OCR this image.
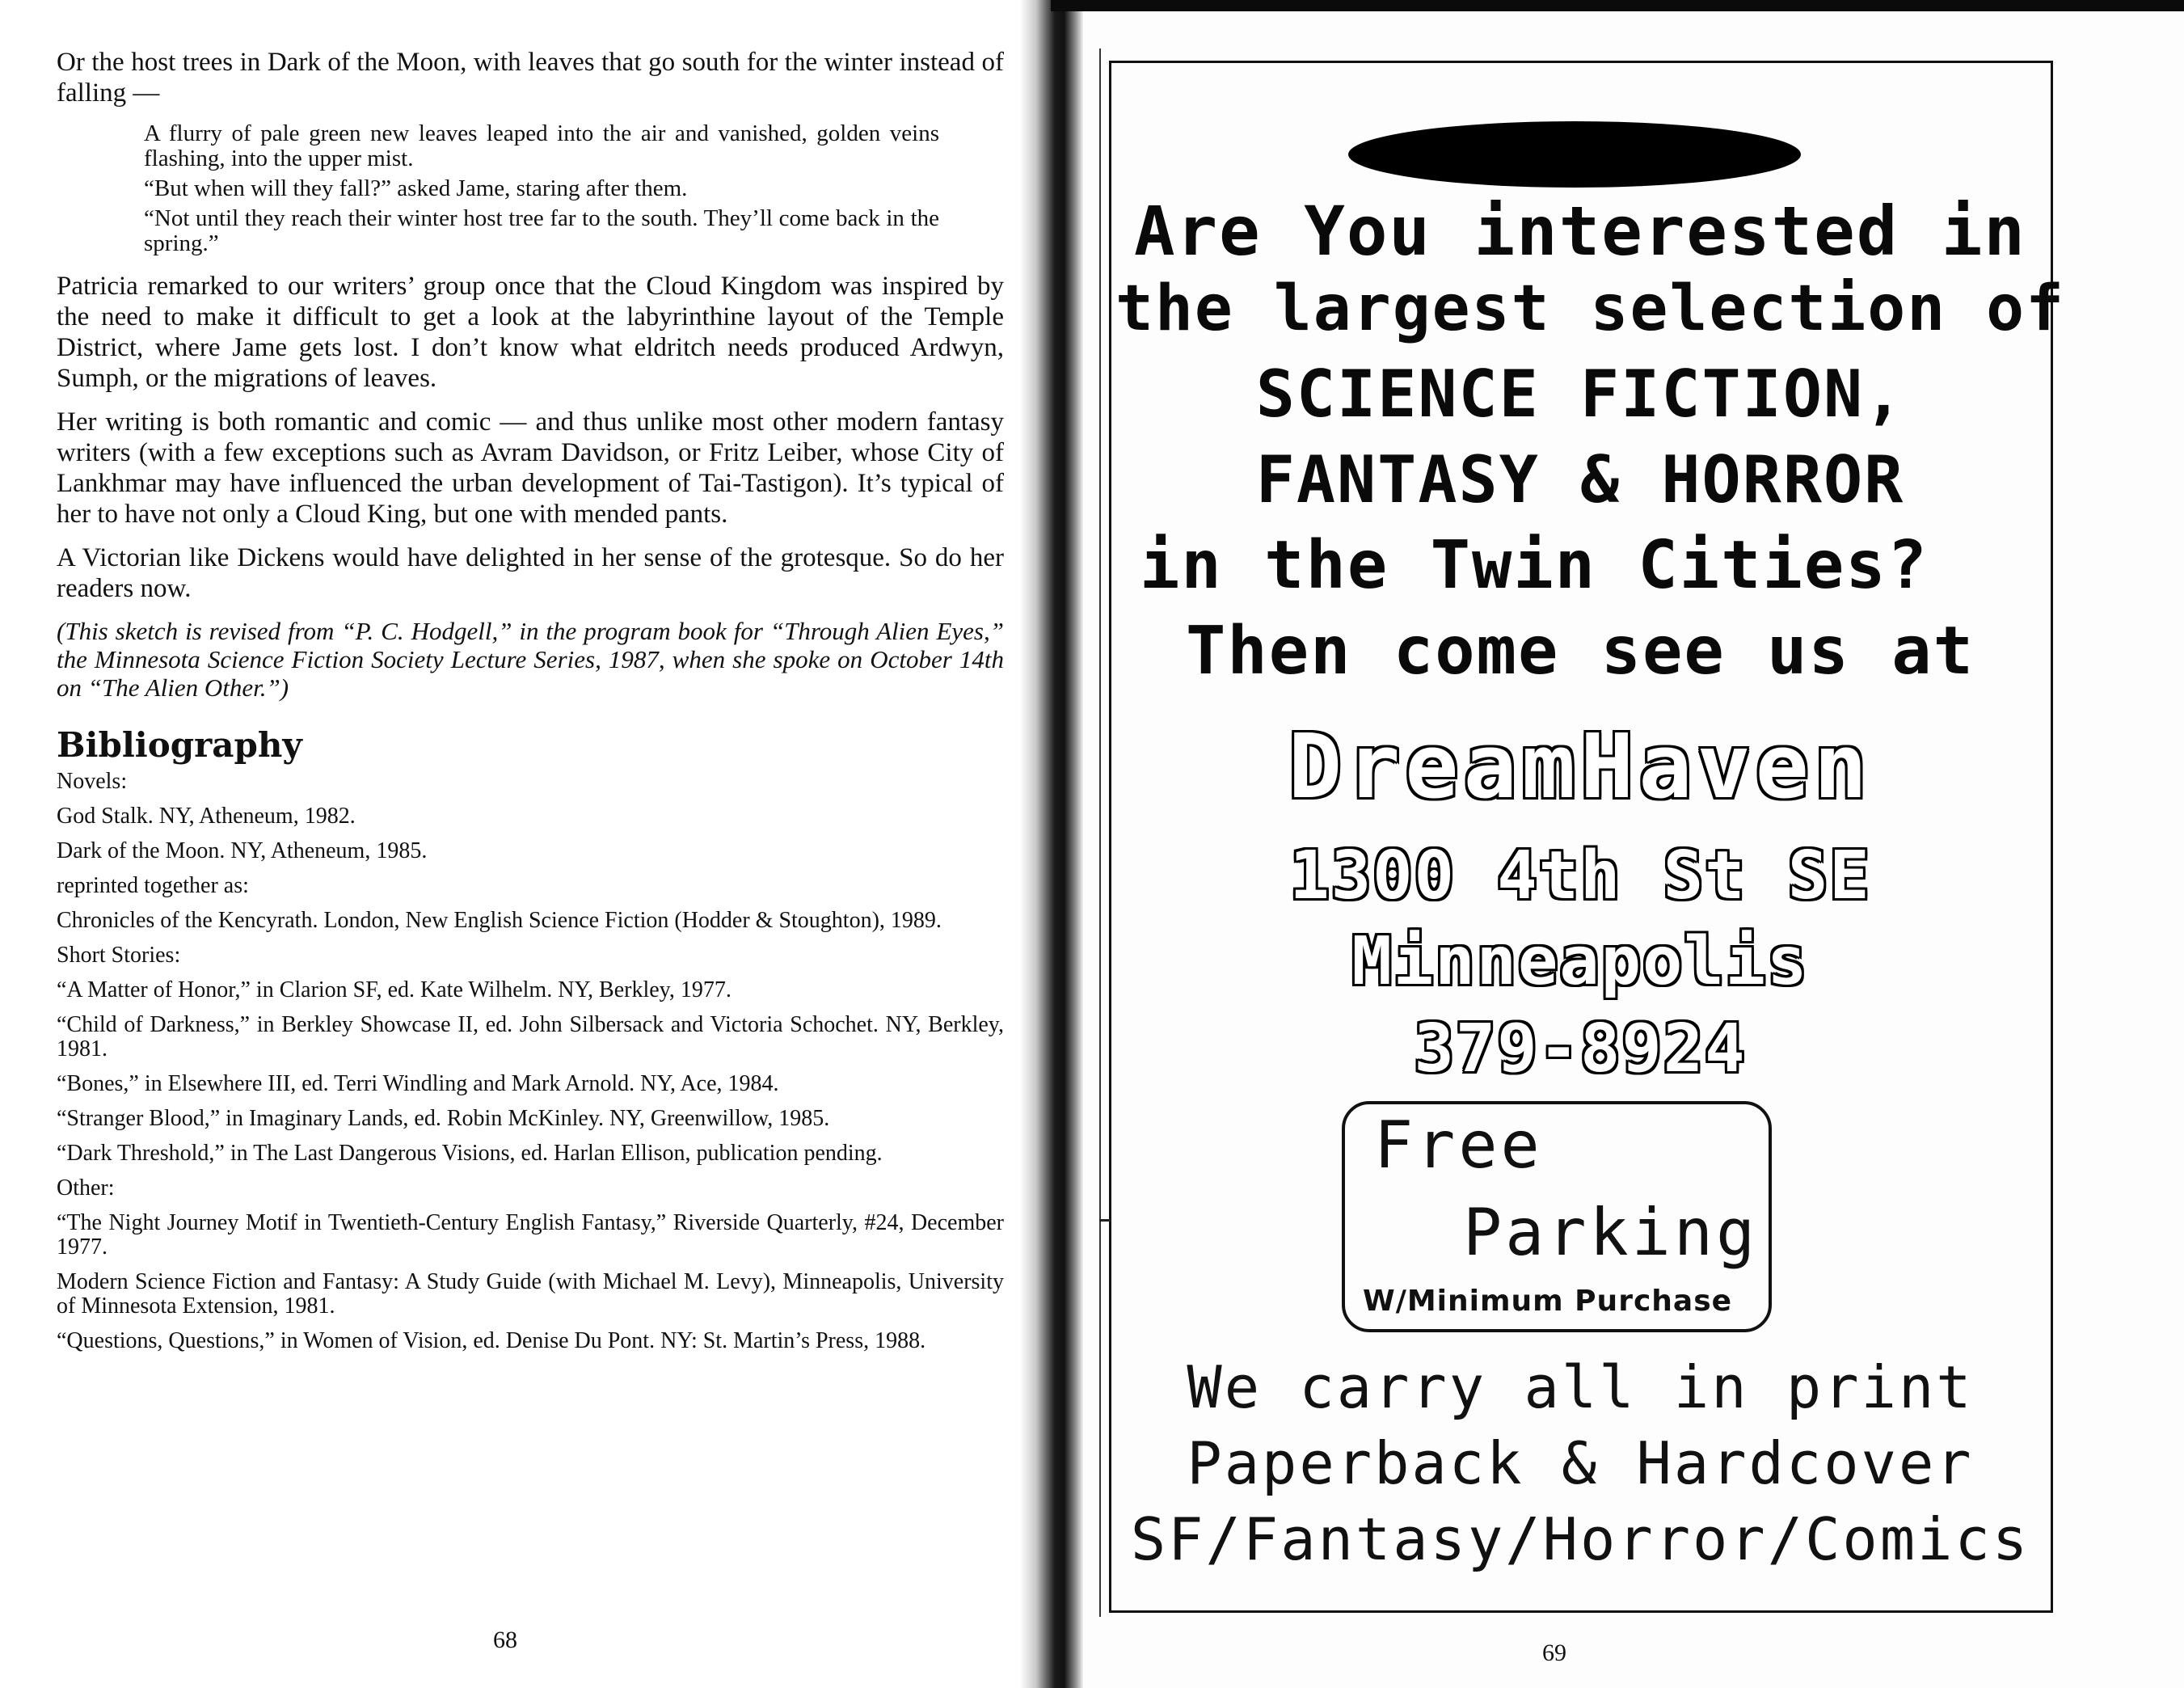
Or the host trees in Dark of the Moon, with leaves that go south for the winter instead of falling —

A flurry of pale green new leaves leaped into the air and vanished, golden veins flashing, into the upper mist.

“But when will they fall?” asked Jame, staring after them.

“Not until they reach their winter host tree far to the south. They’ll come back in the spring.”

Patricia remarked to our writers’ group once that the Cloud Kingdom was inspired by the need to make it difficult to get a look at the labyrinthine layout of the Temple District, where Jame gets lost. I don’t know what eldritch needs produced Ardwyn, Sumph, or the migrations of leaves.

Her writing is both romantic and comic — and thus unlike most other modern fantasy writers (with a few exceptions such as Avram Davidson, or Fritz Leiber, whose City of Lankhmar may have influenced the urban development of Tai-Tastigon). It’s typical of her to have not only a Cloud King, but one with mended pants.

A Victorian like Dickens would have delighted in her sense of the grotesque. So do her readers now.

(This sketch is revised from “P. C. Hodgell,” in the program book for “Through Alien Eyes,” the Minnesota Science Fiction Society Lecture Series, 1987, when she spoke on October 14th on “The Alien Other.”)

Bibliography
Novels:
God Stalk. NY, Atheneum, 1982.
Dark of the Moon. NY, Atheneum, 1985.
reprinted together as:
Chronicles of the Kencyrath. London, New English Science Fiction (Hodder & Stoughton), 1989.
Short Stories:
“A Matter of Honor,” in Clarion SF, ed. Kate Wilhelm. NY, Berkley, 1977.
“Child of Darkness,” in Berkley Showcase II, ed. John Silbersack and Victoria Schochet. NY, Berkley, 1981.
“Bones,” in Elsewhere III, ed. Terri Windling and Mark Arnold. NY, Ace, 1984.
“Stranger Blood,” in Imaginary Lands, ed. Robin McKinley. NY, Greenwillow, 1985.
“Dark Threshold,” in The Last Dangerous Visions, ed. Harlan Ellison, publication pending.
Other:
“The Night Journey Motif in Twentieth-Century English Fantasy,” Riverside Quarterly, #24, December 1977.
Modern Science Fiction and Fantasy: A Study Guide (with Michael M. Levy), Minneapolis, University of Minnesota Extension, 1981.
“Questions, Questions,” in Women of Vision, ed. Denise Du Pont. NY: St. Martin’s Press, 1988.
68
Are You interested in
the largest selection of
SCIENCE FICTION,
FANTASY & HORROR
in the Twin Cities?
Then come see us at
DreamHaven
1300 4th St SE
Minneapolis
379-8924
Free
Parking
W/Minimum Purchase
We carry all in print
Paperback & Hardcover
SF/Fantasy/Horror/Comics
69
